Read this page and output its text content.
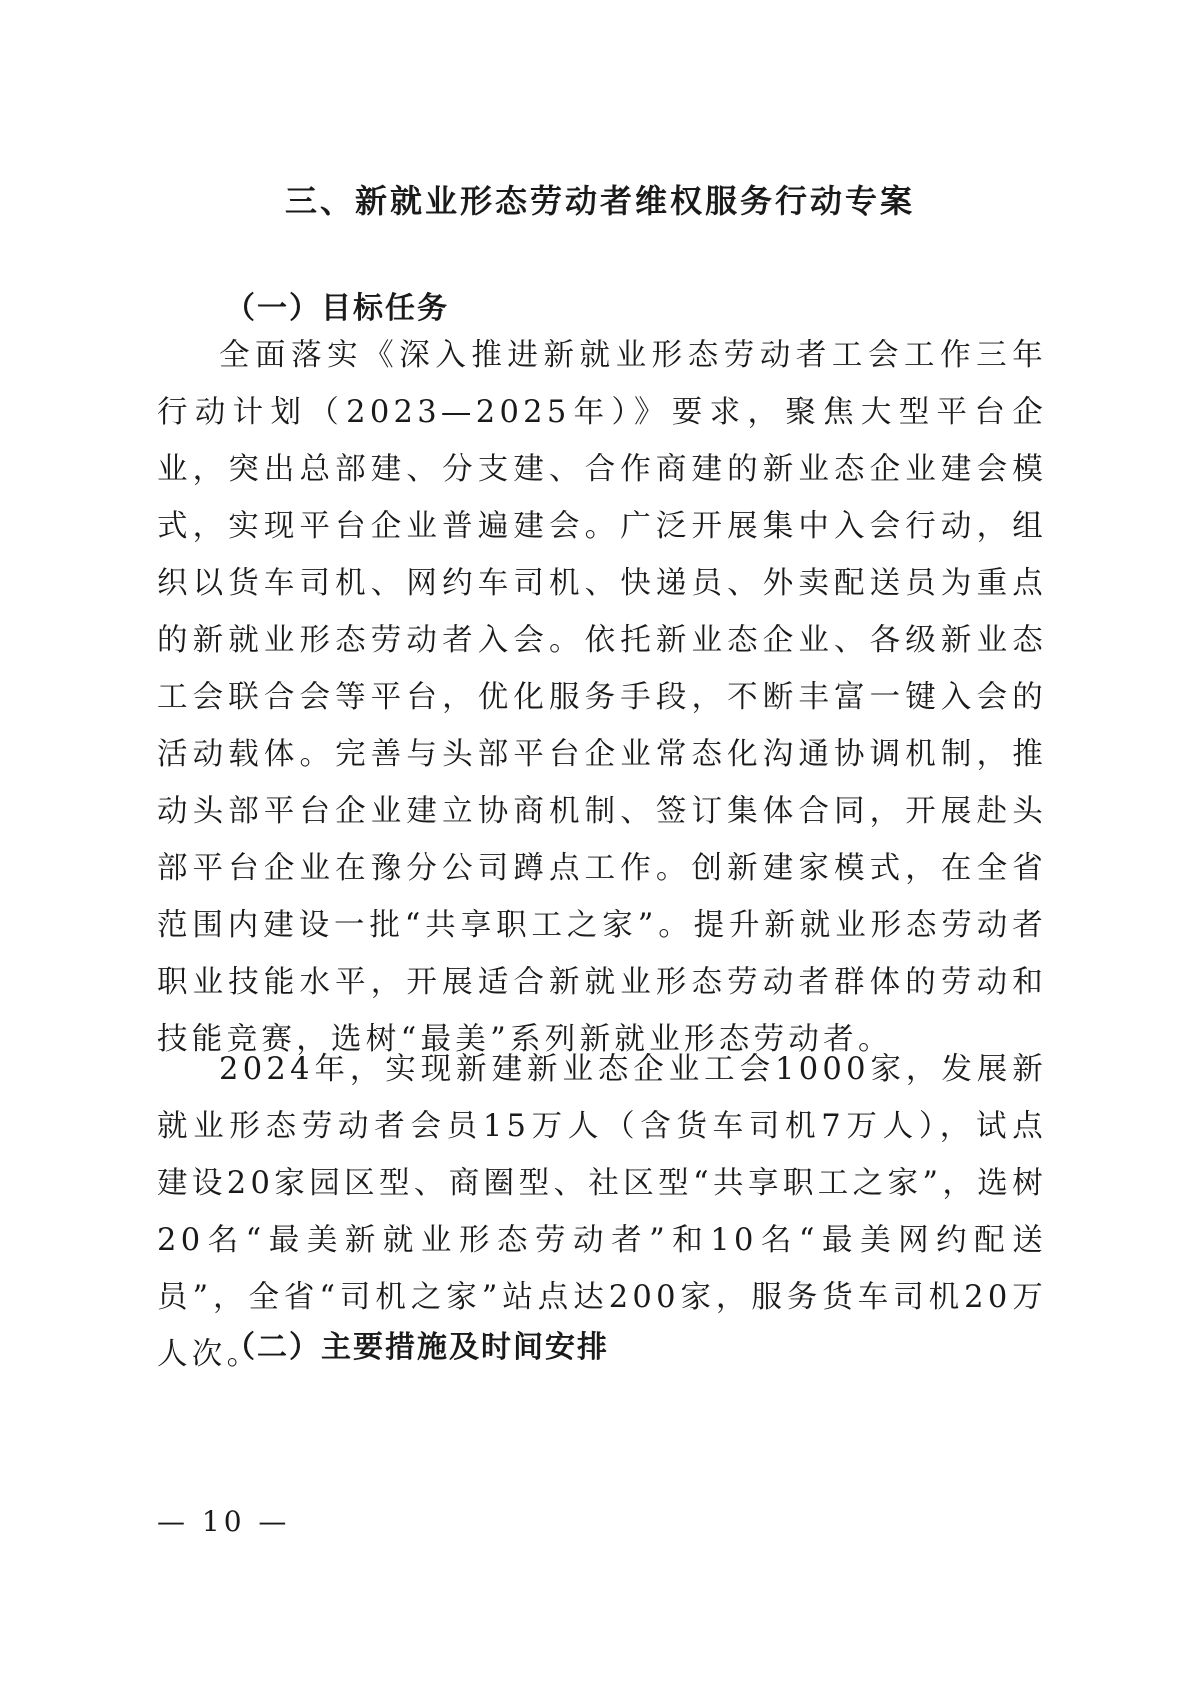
三、新就业形态劳动者维权服务行动专案
（一）目标任务

全面落实《深入推进新就业形态劳动者工会工作三年行动计划（2023—2025年）》要求，聚焦大型平台企业，突出总部建、分支建、合作商建的新业态企业建会模式，实现平台企业普遍建会。广泛开展集中入会行动，组织以货车司机、网约车司机、快递员、外卖配送员为重点的新就业形态劳动者入会。依托新业态企业、各级新业态工会联合会等平台，优化服务手段，不断丰富一键入会的活动载体。完善与头部平台企业常态化沟通协调机制，推动头部平台企业建立协商机制、签订集体合同，开展赴头部平台企业在豫分公司蹲点工作。创新建家模式，在全省范围内建设一批“共享职工之家”。提升新就业形态劳动者职业技能水平，开展适合新就业形态劳动者群体的劳动和技能竞赛，选树“最美”系列新就业形态劳动者。

2024年，实现新建新业态企业工会1000家，发展新就业形态劳动者会员15万人（含货车司机7万人），试点建设20家园区型、商圈型、社区型“共享职工之家”，选树20名“最美新就业形态劳动者”和10名“最美网约配送员”，全省“司机之家”站点达200家，服务货车司机20万人次。

（二）主要措施及时间安排
— 10 —
